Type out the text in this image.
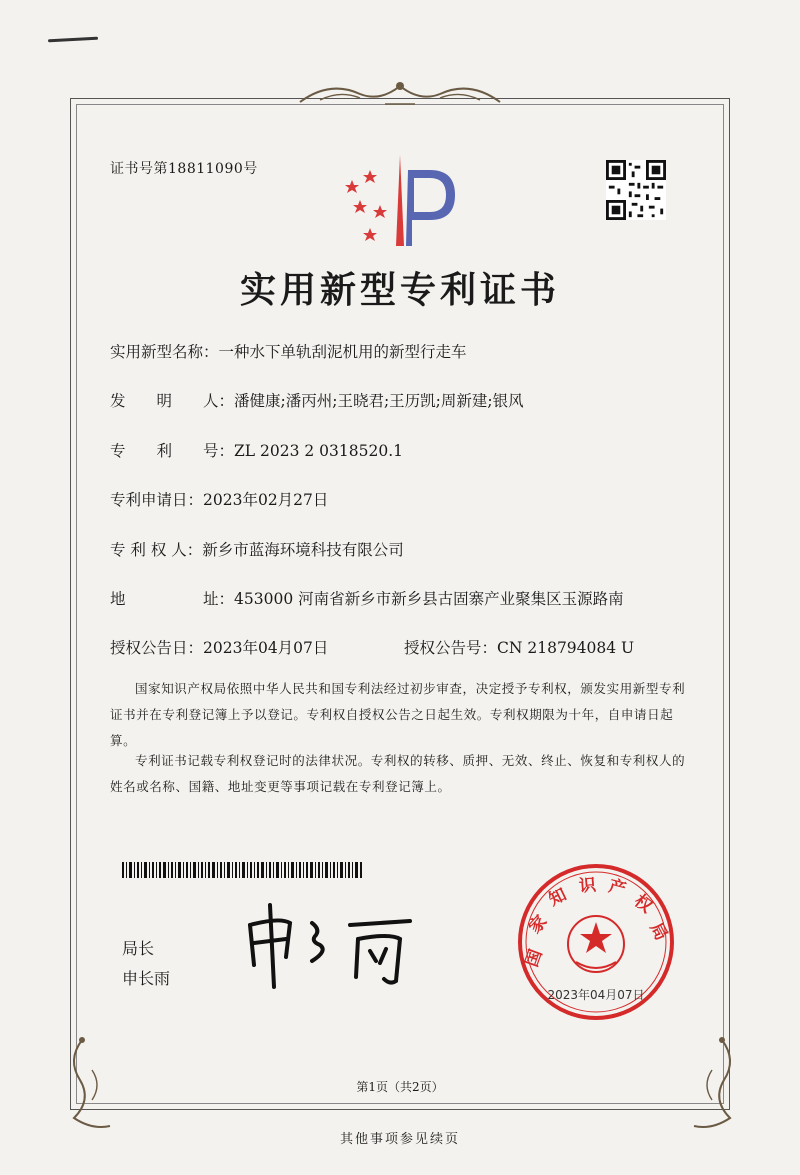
证书号第18811090号
实用新型专利证书
实用新型名称：一种水下单轨刮泥机用的新型行走车
发　　明　　人：潘健康;潘丙州;王晓君;王历凯;周新建;银风
专　　利　　号：ZL 2023 2 0318520.1
专利申请日：2023年02月27日
专 利 权 人：新乡市蓝海环境科技有限公司
地　　　　　址：453000 河南省新乡市新乡县古固寨产业聚集区玉源路南
授权公告日：2023年04月07日	授权公告号：CN 218794084 U
国家知识产权局依照中华人民共和国专利法经过初步审查，决定授予专利权，颁发实用新型专利证书并在专利登记簿上予以登记。专利权自授权公告之日起生效。专利权期限为十年，自申请日起算。
专利证书记载专利权登记时的法律状况。专利权的转移、质押、无效、终止、恢复和专利权人的姓名或名称、国籍、地址变更等事项记载在专利登记簿上。
局长
申长雨
国
家
知 识 产
权
局
2023年04月07日
第1页（共2页）
其他事项参见续页
